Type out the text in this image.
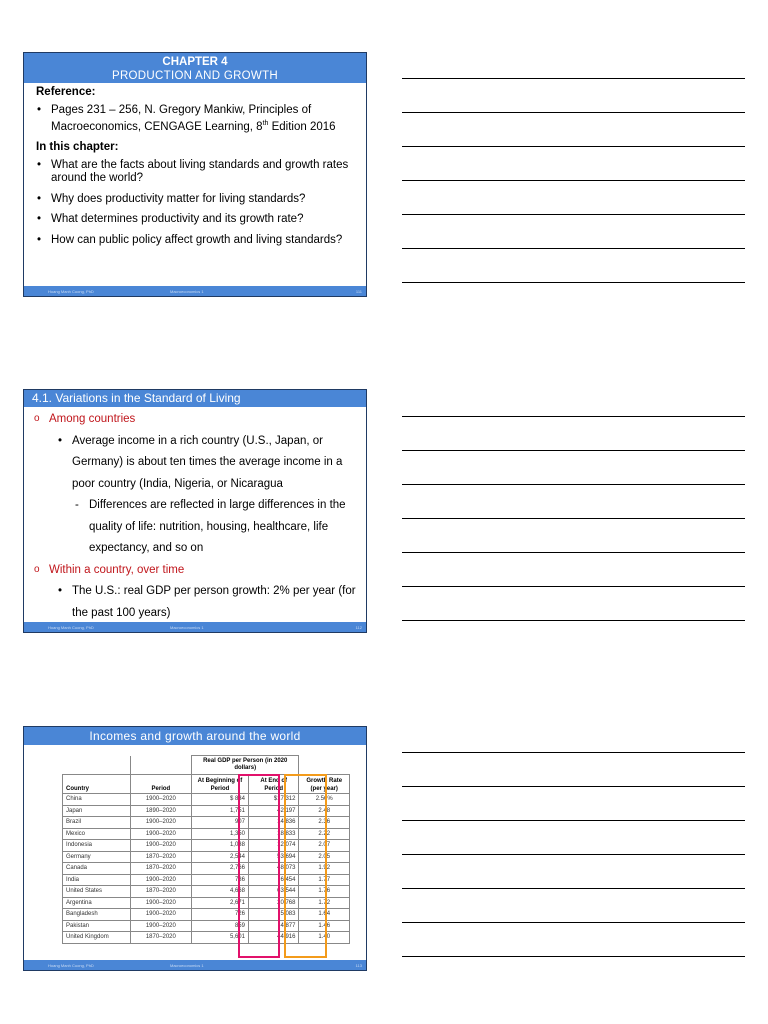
CHAPTER 4
PRODUCTION AND GROWTH
Reference:
• Pages 231 – 256, N. Gregory Mankiw, Principles of Macroeconomics, CENGAGE Learning, 8th Edition 2016
In this chapter:
• What are the facts about living standards and growth rates around the world?
• Why does productivity matter for living standards?
• What determines productivity and its growth rate?
• How can public policy affect growth and living standards?
Hoang Manh Cuong, PhD	Macroeconomics 1	111
4.1. Variations in the Standard of Living
o Among countries
• Average income in a rich country (U.S., Japan, or Germany) is about ten times the average income in a poor country (India, Nigeria, or Nicaragua
- Differences are reflected in large differences in the quality of life: nutrition, housing, healthcare, life expectancy, and so on
o Within a country, over time
• The U.S.: real GDP per person growth: 2% per year (for the past 100 years)
Hoang Manh Cuong, PhD	Macroeconomics 1	112
Incomes and growth around the world
		Real GDP per Person (in 2020 dollars)		
Country	Period	At Beginning of Period	At End of Period	Growth Rate (per year)
China	1900–2020	$ 834	$17,312	2.56%
Japan	1890–2020	1,751	42,197	2.48
Brazil	1900–2020	907	14,836	2.36
Mexico	1900–2020	1,350	18,833	2.22
Indonesia	1900–2020	1,038	12,074	2.07
Germany	1870–2020	2,544	53,694	2.05
Canada	1870–2020	2,766	48,073	1.92
India	1900–2020	786	6,454	1.77
United States	1870–2020	4,668	63,544	1.76
Argentina	1900–2020	2,671	20,768	1.72
Bangladesh	1900–2020	726	5,083	1.64
Pakistan	1900–2020	859	4,877	1.46
United Kingdom	1870–2020	5,601	44,916	1.40
Hoang Manh Cuong, PhD	Macroeconomics 1	113
